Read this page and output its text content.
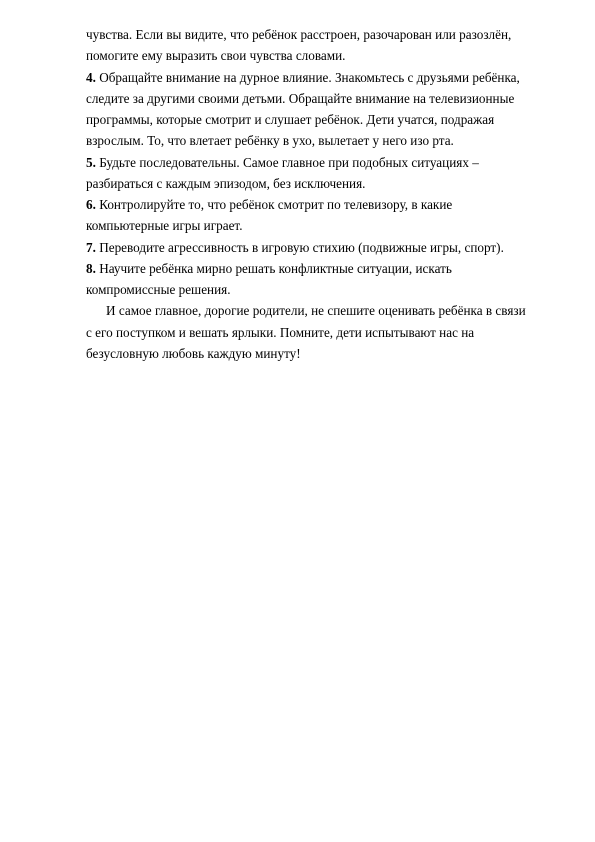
чувства. Если вы видите, что ребёнок расстроен, разочарован или разозлён,
помогите ему выразить свои чувства словами.
4. Обращайте внимание на дурное влияние. Знакомьтесь с друзьями ребёнка,
следите за другими своими детьми. Обращайте внимание на телевизионные
программы, которые смотрит и слушает ребёнок. Дети учатся, подражая
взрослым. То, что влетает ребёнку в ухо, вылетает у него изо рта.
5. Будьте последовательны. Самое главное при подобных ситуациях –
разбираться с каждым эпизодом, без исключения.
6. Контролируйте то, что ребёнок смотрит по телевизору, в какие
компьютерные игры играет.
7. Переводите агрессивность в игровую стихию (подвижные игры, спорт).
8. Научите ребёнка мирно решать конфликтные ситуации, искать
компромиссные решения.
И самое главное, дорогие родители, не спешите оценивать ребёнка в связи
с его поступком и вешать ярлыки. Помните, дети испытывают нас на
безусловную любовь каждую минуту!
